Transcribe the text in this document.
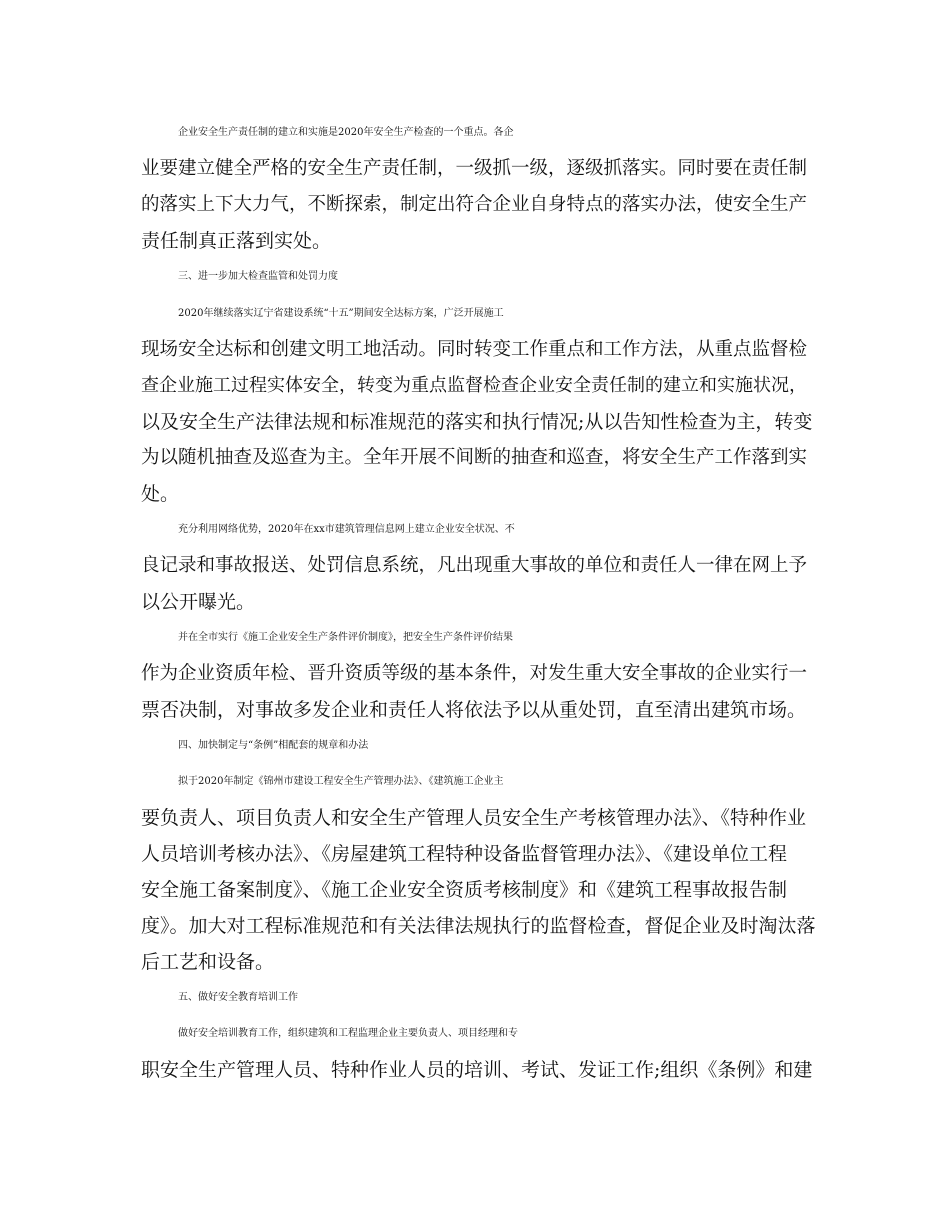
企业安全生产责任制的建立和实施是2020年安全生产检查的一个重点。各企
业要建立健全严格的安全生产责任制，一级抓一级，逐级抓落实。同时要在责任制
的落实上下大力气，不断探索，制定出符合企业自身特点的落实办法，使安全生产
责任制真正落到实处。
三、进一步加大检查监管和处罚力度
2020年继续落实辽宁省建设系统“十五”期间安全达标方案，广泛开展施工
现场安全达标和创建文明工地活动。同时转变工作重点和工作方法，从重点监督检
查企业施工过程实体安全，转变为重点监督检查企业安全责任制的建立和实施状况，
以及安全生产法律法规和标准规范的落实和执行情况;从以告知性检查为主，转变
为以随机抽查及巡查为主。全年开展不间断的抽查和巡查，将安全生产工作落到实
处。
充分利用网络优势，2020年在xx市建筑管理信息网上建立企业安全状况、不
良记录和事故报送、处罚信息系统，凡出现重大事故的单位和责任人一律在网上予
以公开曝光。
并在全市实行《施工企业安全生产条件评价制度》，把安全生产条件评价结果
作为企业资质年检、晋升资质等级的基本条件，对发生重大安全事故的企业实行一
票否决制，对事故多发企业和责任人将依法予以从重处罚，直至清出建筑市场。
四、加快制定与“条例”相配套的规章和办法
拟于2020年制定《锦州市建设工程安全生产管理办法》、《建筑施工企业主
要负责人、项目负责人和安全生产管理人员安全生产考核管理办法》、《特种作业
人员培训考核办法》、《房屋建筑工程特种设备监督管理办法》、《建设单位工程
安全施工备案制度》、《施工企业安全资质考核制度》和《建筑工程事故报告制
度》。加大对工程标准规范和有关法律法规执行的监督检查，督促企业及时淘汰落
后工艺和设备。
五、做好安全教育培训工作
做好安全培训教育工作，组织建筑和工程监理企业主要负责人、项目经理和专
职安全生产管理人员、特种作业人员的培训、考试、发证工作;组织《条例》和建
